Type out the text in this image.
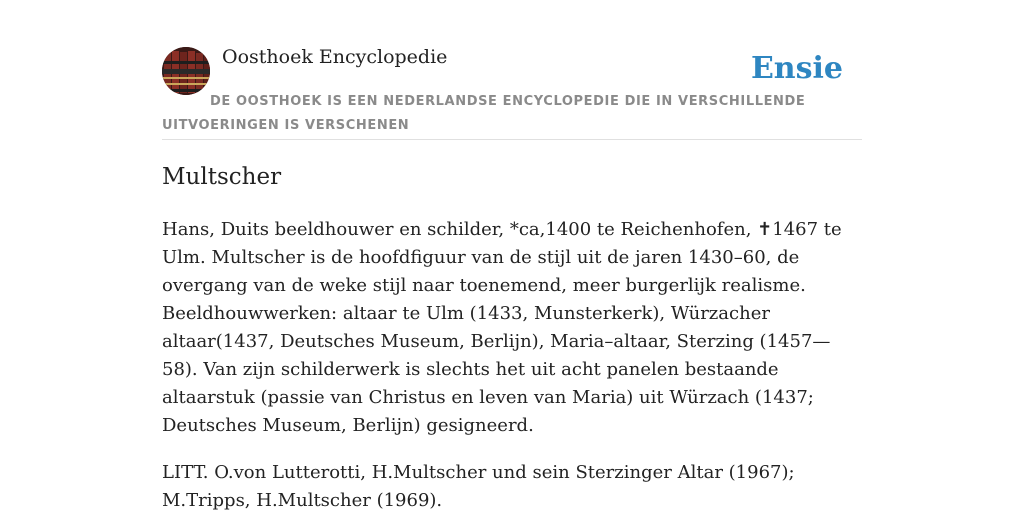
Oosthoek Encyclopedie	Ensie
DE OOSTHOEK IS EEN NEDERLANDSE ENCYCLOPEDIE DIE IN VERSCHILLENDE UITVOERINGEN IS VERSCHENEN
Multscher

Hans, Duits beeldhouwer en schilder, *ca,1400 te Reichenhofen, ✝1467 te Ulm. Multscher is de hoofdfiguur van de stijl uit de jaren 1430–60, de overgang van de weke stijl naar toenemend, meer burgerlijk realisme. Beeldhouwwerken: altaar te Ulm (1433, Munsterkerk), Würzacher altaar(1437, Deutsches Museum, Berlijn), Maria–altaar, Sterzing (1457—58). Van zijn schilderwerk is slechts het uit acht panelen bestaande altaarstuk (passie van Christus en leven van Maria) uit Würzach (1437; Deutsches Museum, Berlijn) gesigneerd.

LITT. O.von Lutterotti, H.Multscher und sein Sterzinger Altar (1967); M.Tripps, H.Multscher (1969).
